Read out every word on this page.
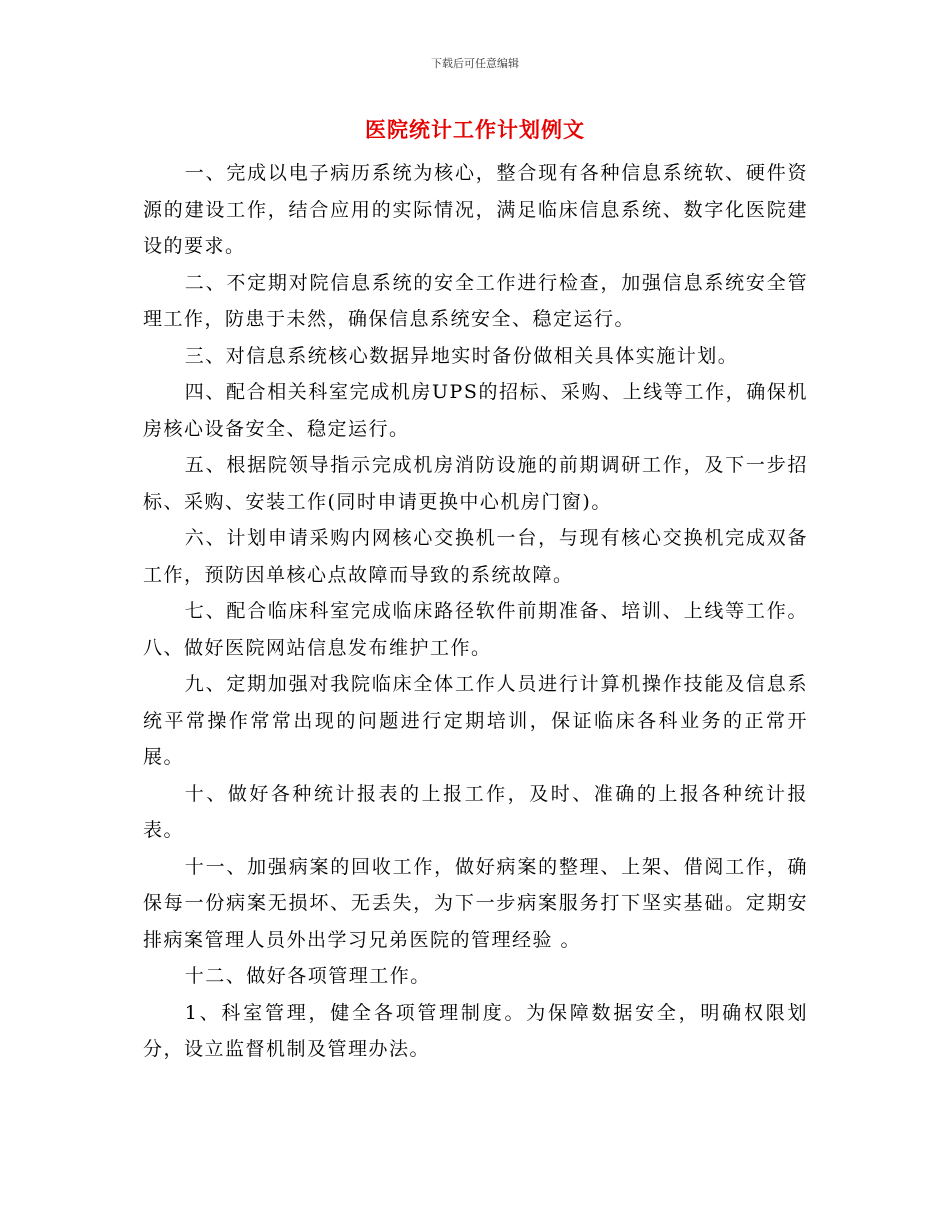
下载后可任意编辑
医院统计工作计划例文

一、完成以电子病历系统为核心，整合现有各种信息系统软、硬件资源的建设工作，结合应用的实际情况，满足临床信息系统、数字化医院建设的要求。

二、不定期对院信息系统的安全工作进行检查，加强信息系统安全管理工作，防患于未然，确保信息系统安全、稳定运行。

三、对信息系统核心数据异地实时备份做相关具体实施计划。

四、配合相关科室完成机房UPS的招标、采购、上线等工作，确保机房核心设备安全、稳定运行。

五、根据院领导指示完成机房消防设施的前期调研工作，及下一步招标、采购、安装工作(同时申请更换中心机房门窗)。

六、计划申请采购内网核心交换机一台，与现有核心交换机完成双备工作，预防因单核心点故障而导致的系统故障。

七、配合临床科室完成临床路径软件前期准备、培训、上线等工作。 八、做好医院网站信息发布维护工作。

九、定期加强对我院临床全体工作人员进行计算机操作技能及信息系统平常操作常常出现的问题进行定期培训，保证临床各科业务的正常开展。

十、做好各种统计报表的上报工作，及时、准确的上报各种统计报表。

十一、加强病案的回收工作，做好病案的整理、上架、借阅工作，确保每一份病案无损坏、无丢失，为下一步病案服务打下坚实基础。定期安排病案管理人员外出学习兄弟医院的管理经验 。

十二、做好各项管理工作。

1、科室管理，健全各项管理制度。为保障数据安全，明确权限划分，设立监督机制及管理办法。
